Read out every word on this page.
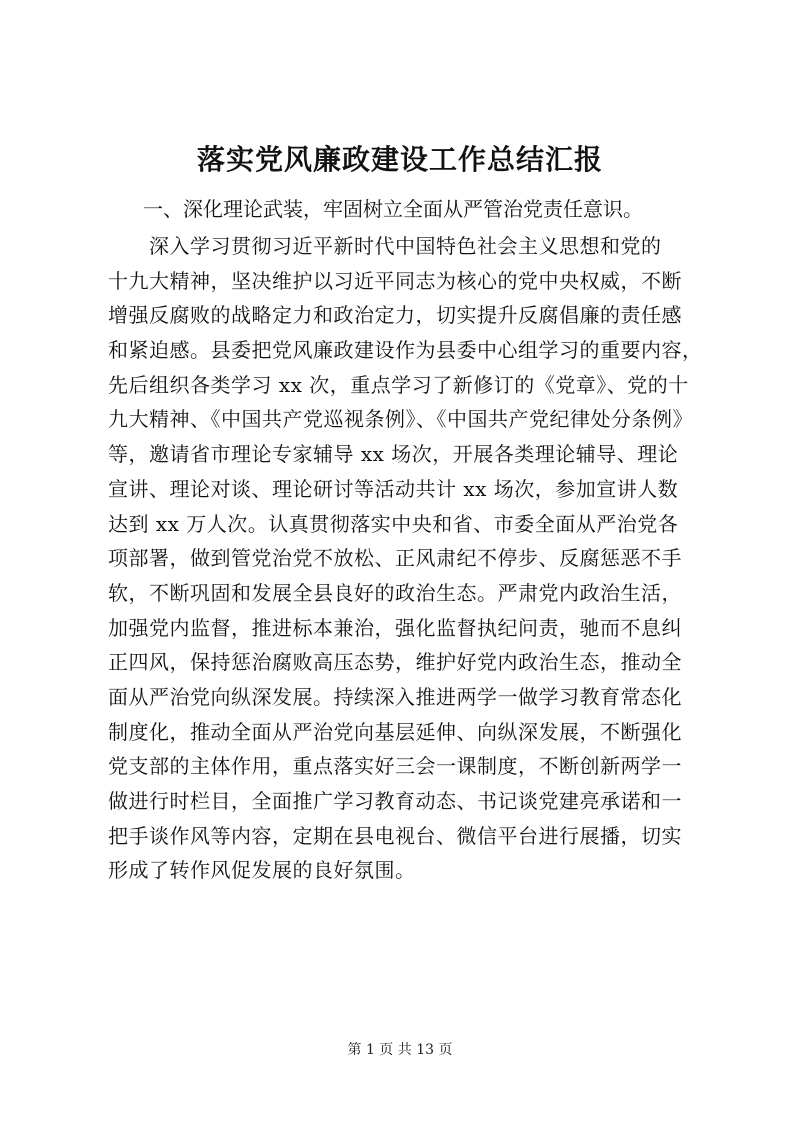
落实党风廉政建设工作总结汇报
一、深化理论武装，牢固树立全面从严管治党责任意识。
　　深入学习贯彻习近平新时代中国特色社会主义思想和党的
十九大精神，坚决维护以习近平同志为核心的党中央权威，不断
增强反腐败的战略定力和政治定力，切实提升反腐倡廉的责任感
和紧迫感。县委把党风廉政建设作为县委中心组学习的重要内容，
先后组织各类学习 xx 次，重点学习了新修订的《党章》、党的十
九大精神、《中国共产党巡视条例》、《中国共产党纪律处分条例》
等，邀请省市理论专家辅导 xx 场次，开展各类理论辅导、理论
宣讲、理论对谈、理论研讨等活动共计 xx 场次，参加宣讲人数
达到 xx 万人次。认真贯彻落实中央和省、市委全面从严治党各
项部署，做到管党治党不放松、正风肃纪不停步、反腐惩恶不手
软，不断巩固和发展全县良好的政治生态。严肃党内政治生活，
加强党内监督，推进标本兼治，强化监督执纪问责，驰而不息纠
正四风，保持惩治腐败高压态势，维护好党内政治生态，推动全
面从严治党向纵深发展。持续深入推进两学一做学习教育常态化
制度化，推动全面从严治党向基层延伸、向纵深发展，不断强化
党支部的主体作用，重点落实好三会一课制度，不断创新两学一
做进行时栏目，全面推广学习教育动态、书记谈党建亮承诺和一
把手谈作风等内容，定期在县电视台、微信平台进行展播，切实
形成了转作风促发展的良好氛围。
第 1 页 共 13 页
